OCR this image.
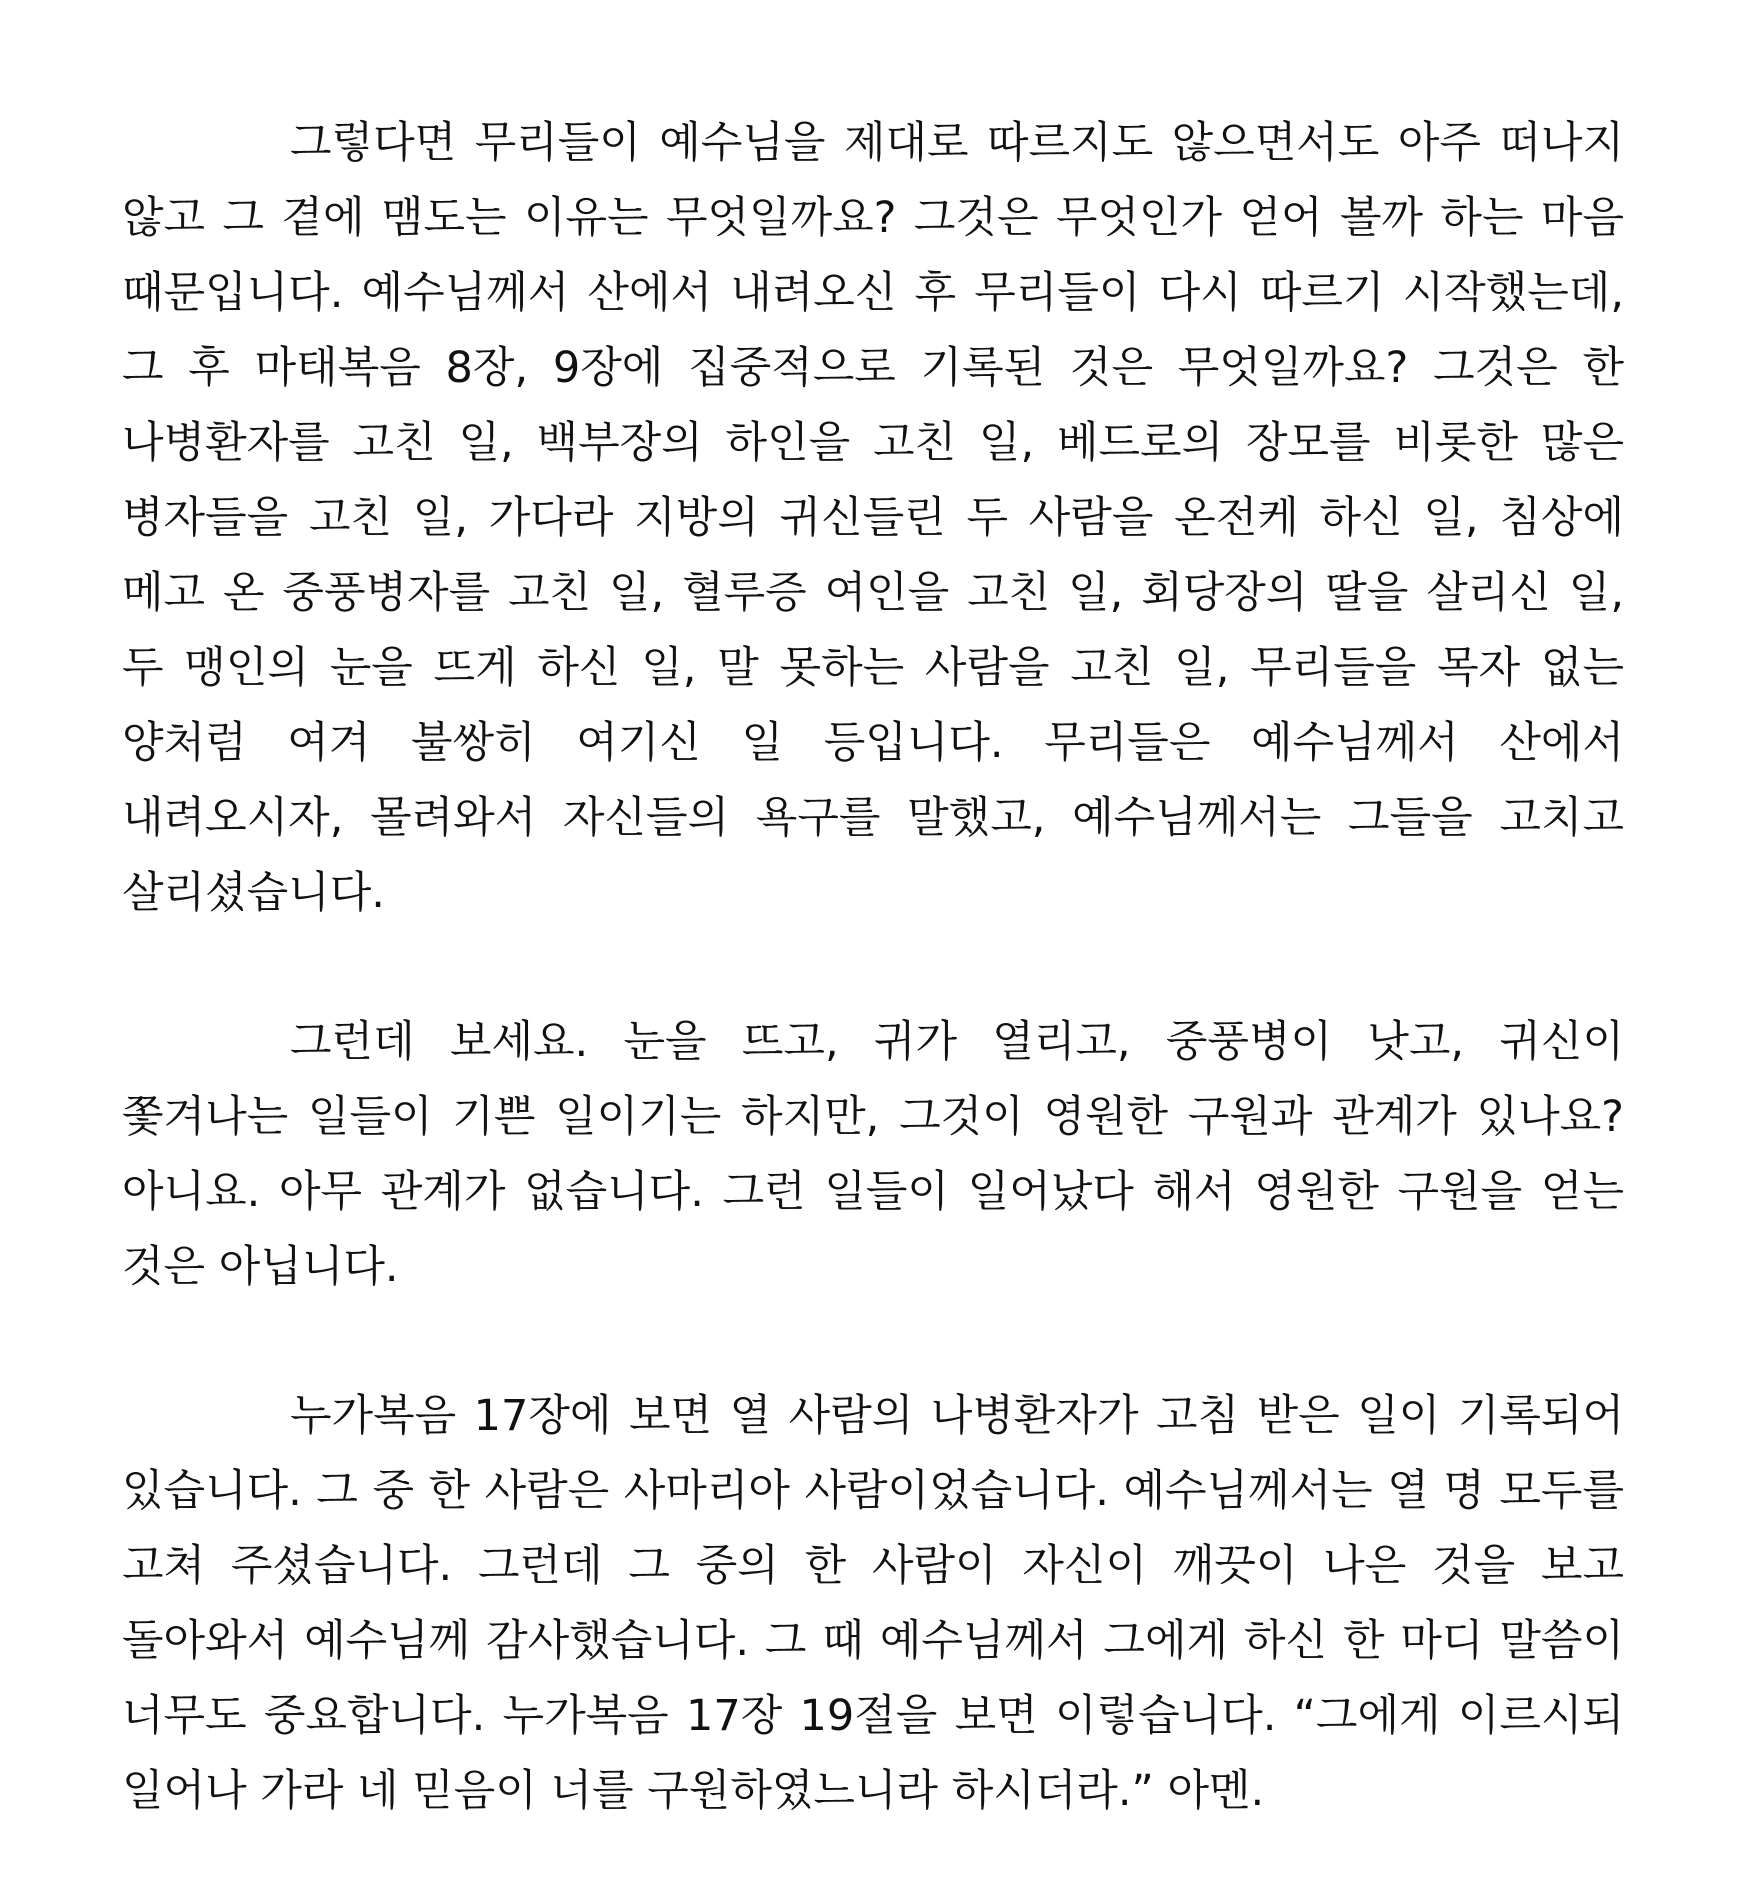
그렇다면 무리들이 예수님을 제대로 따르지도 않으면서도 아주 떠나지 않고 그 곁에 맴도는 이유는 무엇일까요? 그것은 무엇인가 얻어 볼까 하는 마음 때문입니다. 예수님께서 산에서 내려오신 후 무리들이 다시 따르기 시작했는데, 그 후 마태복음 8장, 9장에 집중적으로 기록된 것은 무엇일까요? 그것은 한 나병환자를 고친 일, 백부장의 하인을 고친 일, 베드로의 장모를 비롯한 많은 병자들을 고친 일, 가다라 지방의 귀신들린 두 사람을 온전케 하신 일, 침상에 메고 온 중풍병자를 고친 일, 혈루증 여인을 고친 일, 회당장의 딸을 살리신 일, 두 맹인의 눈을 뜨게 하신 일, 말 못하는 사람을 고친 일, 무리들을 목자 없는 양처럼 여겨 불쌍히 여기신 일 등입니다. 무리들은 예수님께서 산에서 내려오시자, 몰려와서 자신들의 욕구를 말했고, 예수님께서는 그들을 고치고 살리셨습니다.

그런데 보세요. 눈을 뜨고, 귀가 열리고, 중풍병이 낫고, 귀신이 쫓겨나는 일들이 기쁜 일이기는 하지만, 그것이 영원한 구원과 관계가 있나요? 아니요. 아무 관계가 없습니다. 그런 일들이 일어났다 해서 영원한 구원을 얻는 것은 아닙니다.

누가복음 17장에 보면 열 사람의 나병환자가 고침 받은 일이 기록되어 있습니다. 그 중 한 사람은 사마리아 사람이었습니다. 예수님께서는 열 명 모두를 고쳐 주셨습니다. 그런데 그 중의 한 사람이 자신이 깨끗이 나은 것을 보고 돌아와서 예수님께 감사했습니다. 그 때 예수님께서 그에게 하신 한 마디 말씀이 너무도 중요합니다. 누가복음 17장 19절을 보면 이렇습니다. “그에게 이르시되 일어나 가라 네 믿음이 너를 구원하였느니라 하시더라.” 아멘.
